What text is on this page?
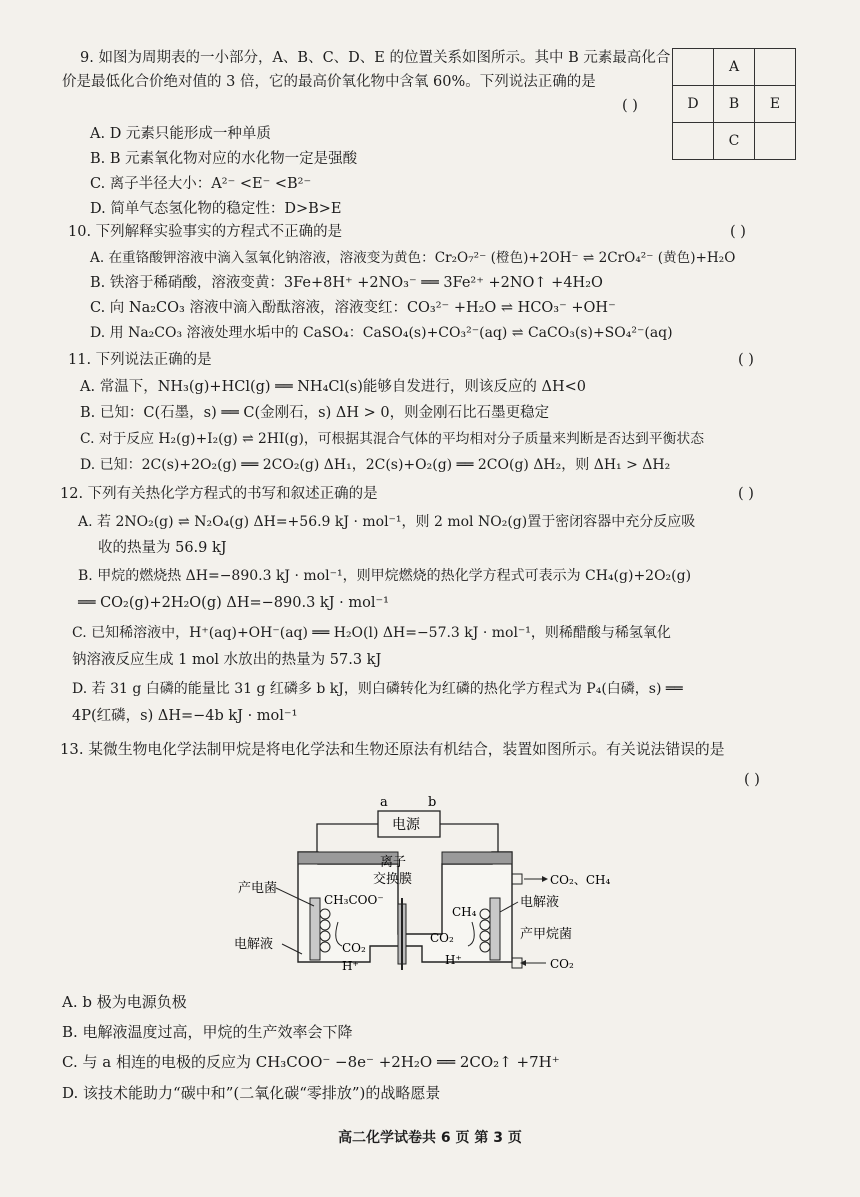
9. 如图为周期表的一小部分，A、B、C、D、E 的位置关系如图所示。其中 B 元素最高化合
价是最低化合价绝对值的 3 倍，它的最高价氧化物中含氧 60%。下列说法正确的是
( )
A. D 元素只能形成一种单质
B. B 元素氧化物对应的水化物一定是强酸
C. 离子半径大小：A²⁻ <E⁻ <B²⁻
D. 简单气态氢化物的稳定性：D>B>E
	A	
D	B	E
	C	
10. 下列解释实验事实的方程式不正确的是	( )
A. 在重铬酸钾溶液中滴入氢氧化钠溶液，溶液变为黄色：Cr₂O₇²⁻ (橙色)+2OH⁻ ⇌ 2CrO₄²⁻ (黄色)+H₂O
B. 铁溶于稀硝酸，溶液变黄：3Fe+8H⁺ +2NO₃⁻ ══ 3Fe²⁺ +2NO↑ +4H₂O
C. 向 Na₂CO₃ 溶液中滴入酚酞溶液，溶液变红：CO₃²⁻ +H₂O ⇌ HCO₃⁻ +OH⁻
D. 用 Na₂CO₃ 溶液处理水垢中的 CaSO₄：CaSO₄(s)+CO₃²⁻(aq) ⇌ CaCO₃(s)+SO₄²⁻(aq)
11. 下列说法正确的是	( )
A. 常温下，NH₃(g)+HCl(g) ══ NH₄Cl(s)能够自发进行，则该反应的 ΔH<0
B. 已知：C(石墨，s) ══ C(金刚石，s) ΔH > 0，则金刚石比石墨更稳定
C. 对于反应 H₂(g)+I₂(g) ⇌ 2HI(g)，可根据其混合气体的平均相对分子质量来判断是否达到平衡状态
D. 已知：2C(s)+2O₂(g) ══ 2CO₂(g) ΔH₁，2C(s)+O₂(g) ══ 2CO(g) ΔH₂，则 ΔH₁ > ΔH₂
12. 下列有关热化学方程式的书写和叙述正确的是	( )
A. 若 2NO₂(g) ⇌ N₂O₄(g) ΔH=+56.9 kJ · mol⁻¹，则 2 mol NO₂(g)置于密闭容器中充分反应吸
收的热量为 56.9 kJ
B. 甲烷的燃烧热 ΔH=−890.3 kJ · mol⁻¹，则甲烷燃烧的热化学方程式可表示为 CH₄(g)+2O₂(g)
══ CO₂(g)+2H₂O(g) ΔH=−890.3 kJ · mol⁻¹
C. 已知稀溶液中，H⁺(aq)+OH⁻(aq) ══ H₂O(l) ΔH=−57.3 kJ · mol⁻¹，则稀醋酸与稀氢氧化
钠溶液反应生成 1 mol 水放出的热量为 57.3 kJ
D. 若 31 g 白磷的能量比 31 g 红磷多 b kJ，则白磷转化为红磷的热化学方程式为 P₄(白磷，s) ══
4P(红磷，s) ΔH=−4b kJ · mol⁻¹
13. 某微生物电化学法制甲烷是将电化学法和生物还原法有机结合，装置如图所示。有关说法错误的是
( )
a	b
电源
离子
交换膜
CH₃COO⁻
CO₂
H⁺
CH₄
CO₂
H⁺
产电菌
电解液
CO₂、CH₄
电解液
产甲烷菌
CO₂
A. b 极为电源负极
B. 电解液温度过高，甲烷的生产效率会下降
C. 与 a 相连的电极的反应为 CH₃COO⁻ −8e⁻ +2H₂O ══ 2CO₂↑ +7H⁺
D. 该技术能助力“碳中和”(二氧化碳“零排放”)的战略愿景
高二化学试卷共 6 页 第 3 页
